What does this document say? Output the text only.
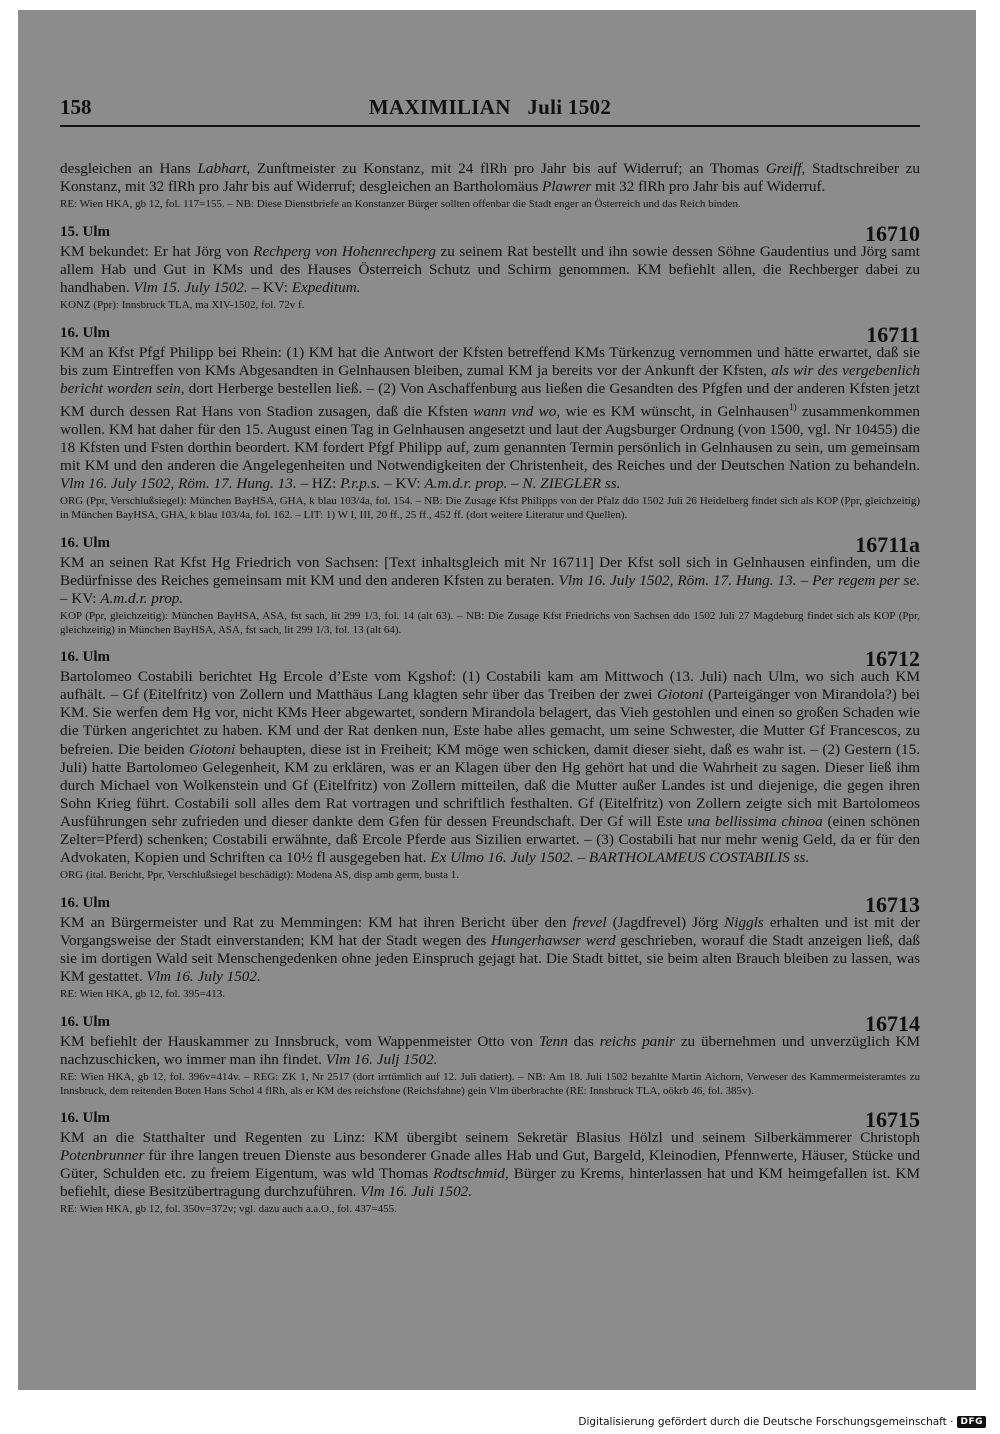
158	MAXIMILIAN   Juli 1502
desgleichen an Hans Labhart, Zunftmeister zu Konstanz, mit 24 flRh pro Jahr bis auf Widerruf; an Thomas Greiff, Stadtschreiber zu Konstanz, mit 32 flRh pro Jahr bis auf Widerruf; desgleichen an Bartholomäus Plawrer mit 32 flRh pro Jahr bis auf Widerruf.
RE: Wien HKA, gb 12, fol. 117=155. – NB: Diese Dienstbriefe an Konstanzer Bürger sollten offenbar die Stadt enger an Österreich und das Reich binden.
15. Ulm	16710
KM bekundet: Er hat Jörg von Rechperg von Hohenrechperg zu seinem Rat bestellt und ihn sowie dessen Söhne Gaudentius und Jörg samt allem Hab und Gut in KMs und des Hauses Österreich Schutz und Schirm genommen. KM befiehlt allen, die Rechberger dabei zu handhaben. Vlm 15. July 1502. – KV: Expeditum.
KONZ (Ppr): Innsbruck TLA, ma XIV-1502, fol. 72v f.
16. Ulm	16711
KM an Kfst Pfgf Philipp bei Rhein: (1) KM hat die Antwort der Kfsten betreffend KMs Türkenzug vernommen und hätte erwartet, daß sie bis zum Eintreffen von KMs Abgesandten in Gelnhausen bleiben, zumal KM ja bereits vor der Ankunft der Kfsten, als wir des vergebenlich bericht worden sein, dort Herberge bestellen ließ. – (2) Von Aschaffenburg aus ließen die Gesandten des Pfgfen und der anderen Kfsten jetzt KM durch dessen Rat Hans von Stadion zusagen, daß die Kfsten wann vnd wo, wie es KM wünscht, in Gelnhausen$^{1)}$ zusammenkommen wollen. KM hat daher für den 15. August einen Tag in Gelnhausen angesetzt und laut der Augsburger Ordnung (von 1500, vgl. Nr 10455) die 18 Kfsten und Fsten dorthin beordert. KM fordert Pfgf Philipp auf, zum genannten Termin persönlich in Gelnhausen zu sein, um gemeinsam mit KM und den anderen die Angelegenheiten und Notwendigkeiten der Christenheit, des Reiches und der Deutschen Nation zu behandeln. Vlm 16. July 1502, Röm. 17. Hung. 13. – HZ: P.r.p.s. – KV: A.m.d.r. prop. – N. ZIEGLER ss.
ORG (Ppr, Verschlußsiegel): München BayHSA, GHA, k blau 103/4a, fol. 154. – NB: Die Zusage Kfst Philipps von der Pfalz ddo 1502 Juli 26 Heidelberg findet sich als KOP (Ppr, gleichzeitig) in München BayHSA, GHA, k blau 103/4a, fol. 162. – LIT: 1) W I, III, 20 ff., 25 ff., 452 ff. (dort weitere Literatur und Quellen).
16. Ulm	16711a
KM an seinen Rat Kfst Hg Friedrich von Sachsen: [Text inhaltsgleich mit Nr 16711] Der Kfst soll sich in Gelnhausen einfinden, um die Bedürfnisse des Reiches gemeinsam mit KM und den anderen Kfsten zu beraten. Vlm 16. July 1502, Röm. 17. Hung. 13. – Per regem per se. – KV: A.m.d.r. prop.
KOP (Ppr, gleichzeitig): München BayHSA, ASA, fst sach, lit 299 1/3, fol. 14 (alt 63). – NB: Die Zusage Kfst Friedrichs von Sachsen ddo 1502 Juli 27 Magdeburg findet sich als KOP (Ppr, gleichzeitig) in München BayHSA, ASA, fst sach, lit 299 1/3, fol. 13 (alt 64).
16. Ulm	16712
Bartolomeo Costabili berichtet Hg Ercole d’Este vom Kgshof: (1) Costabili kam am Mittwoch (13. Juli) nach Ulm, wo sich auch KM aufhält. – Gf (Eitelfritz) von Zollern und Matthäus Lang klagten sehr über das Treiben der zwei Giotoni (Parteigänger von Mirandola?) bei KM. Sie werfen dem Hg vor, nicht KMs Heer abgewartet, sondern Mirandola belagert, das Vieh gestohlen und einen so großen Schaden wie die Türken angerichtet zu haben. KM und der Rat denken nun, Este habe alles gemacht, um seine Schwester, die Mutter Gf Francescos, zu befreien. Die beiden Giotoni behaupten, diese ist in Freiheit; KM möge wen schicken, damit dieser sieht, daß es wahr ist. – (2) Gestern (15. Juli) hatte Bartolomeo Gelegenheit, KM zu erklären, was er an Klagen über den Hg gehört hat und die Wahrheit zu sagen. Dieser ließ ihm durch Michael von Wolkenstein und Gf (Eitelfritz) von Zollern mitteilen, daß die Mutter außer Landes ist und diejenige, die gegen ihren Sohn Krieg führt. Costabili soll alles dem Rat vortragen und schriftlich festhalten. Gf (Eitelfritz) von Zollern zeigte sich mit Bartolomeos Ausführungen sehr zufrieden und dieser dankte dem Gfen für dessen Freundschaft. Der Gf will Este una bellissima chinoa (einen schönen Zelter=Pferd) schenken; Costabili erwähnte, daß Ercole Pferde aus Sizilien erwartet. – (3) Costabili hat nur mehr wenig Geld, da er für den Advokaten, Kopien und Schriften ca 10½ fl ausgegeben hat. Ex Ulmo 16. July 1502. – BARTHOLAMEUS COSTABILIS ss.
ORG (ital. Bericht, Ppr, Verschlußsiegel beschädigt): Modena AS, disp amb germ, busta 1.
16. Ulm	16713
KM an Bürgermeister und Rat zu Memmingen: KM hat ihren Bericht über den frevel (Jagdfrevel) Jörg Niggls erhalten und ist mit der Vorgangsweise der Stadt einverstanden; KM hat der Stadt wegen des Hungerhawser werd geschrieben, worauf die Stadt anzeigen ließ, daß sie im dortigen Wald seit Menschengedenken ohne jeden Einspruch gejagt hat. Die Stadt bittet, sie beim alten Brauch bleiben zu lassen, was KM gestattet. Vlm 16. July 1502.
RE: Wien HKA, gb 12, fol. 395=413.
16. Ulm	16714
KM befiehlt der Hauskammer zu Innsbruck, vom Wappenmeister Otto von Tenn das reichs panir zu übernehmen und unverzüglich KM nachzuschicken, wo immer man ihn findet. Vlm 16. Julj 1502.
RE: Wien HKA, gb 12, fol. 396v=414v. – REG: ZK 1, Nr 2517 (dort irrtümlich auf 12. Juli datiert). – NB: Am 18. Juli 1502 bezahlte Martin Aichorn, Verweser des Kammermeisteramtes zu Innsbruck, dem reitenden Boten Hans Schol 4 flRh, als er KM des reichsfone (Reichsfahne) gein Vlm überbrachte (RE: Innsbruck TLA, oökrb 46, fol. 385v).
16. Ulm	16715
KM an die Statthalter und Regenten zu Linz: KM übergibt seinem Sekretär Blasius Hölzl und seinem Silberkämmerer Christoph Potenbrunner für ihre langen treuen Dienste aus besonderer Gnade alles Hab und Gut, Bargeld, Kleinodien, Pfennwerte, Häuser, Stücke und Güter, Schulden etc. zu freiem Eigentum, was wld Thomas Rodtschmid, Bürger zu Krems, hinterlassen hat und KM heimgefallen ist. KM befiehlt, diese Besitzübertragung durchzuführen. Vlm 16. Juli 1502.
RE: Wien HKA, gb 12, fol. 350v=372v; vgl. dazu auch a.a.O., fol. 437=455.
Digitalisierung gefördert durch die Deutsche Forschungsgemeinschaft · DFG
